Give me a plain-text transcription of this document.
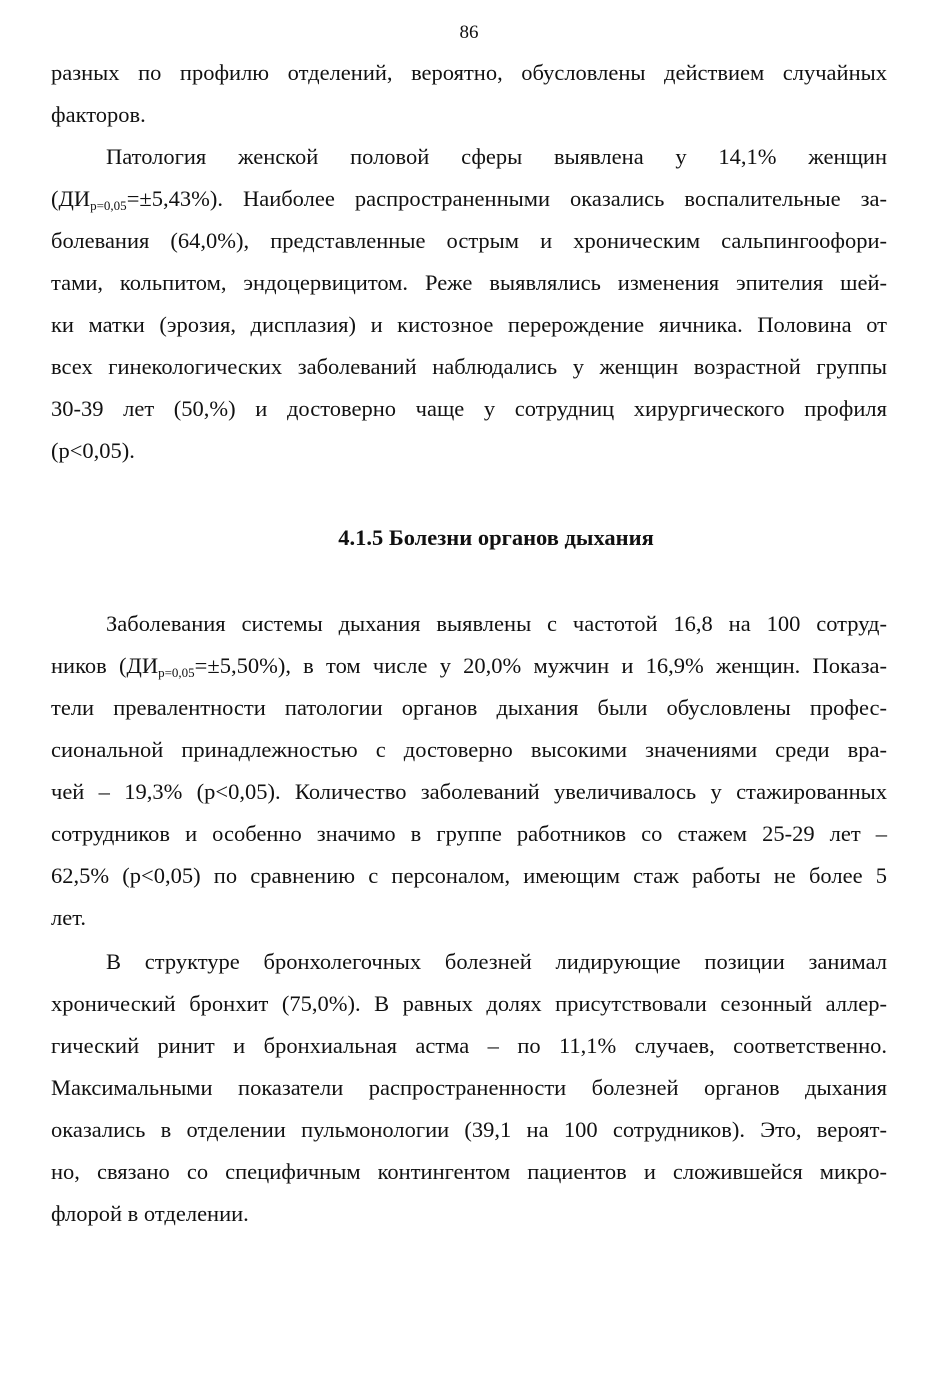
86
разных по профилю отделений, вероятно, обусловлены действием случайных
факторов.
Патология женской половой сферы выявлена у 14,1% женщин
$(ДИ_{р=0,05}=\pm 5,43\%)$. Наиболее распространенными оказались воспалительные за-
болевания (64,0%), представленные острым и хроническим сальпингоофори-
тами, кольпитом, эндоцервицитом. Реже выявлялись изменения эпителия шей-
ки матки (эрозия, дисплазия) и кистозное перерождение яичника. Половина от
всех гинекологических заболеваний наблюдались у женщин возрастной группы
30-39 лет (50,%) и достоверно чаще у сотрудниц хирургического профиля
(р<0,05).
4.1.5 Болезни органов дыхания
Заболевания системы дыхания выявлены с частотой 16,8 на 100 сотруд-
ников $(ДИ_{р=0,05}=\pm 5,50\%)$, в том числе у 20,0% мужчин и 16,9% женщин. Показа-
тели превалентности патологии органов дыхания были обусловлены профес-
сиональной принадлежностью с достоверно высокими значениями среди вра-
чей – 19,3% (р<0,05). Количество заболеваний увеличивалось у стажированных
сотрудников и особенно значимо в группе работников со стажем 25-29 лет –
62,5% (р<0,05) по сравнению с персоналом, имеющим стаж работы не более 5
лет.
В структуре бронхолегочных болезней лидирующие позиции занимал
хронический бронхит (75,0%). В равных долях присутствовали сезонный аллер-
гический ринит и бронхиальная астма – по 11,1% случаев, соответственно.
Максимальными показатели распространенности болезней органов дыхания
оказались в отделении пульмонологии (39,1 на 100 сотрудников). Это, вероят-
но, связано со специфичным контингентом пациентов и сложившейся микро-
флорой в отделении.
